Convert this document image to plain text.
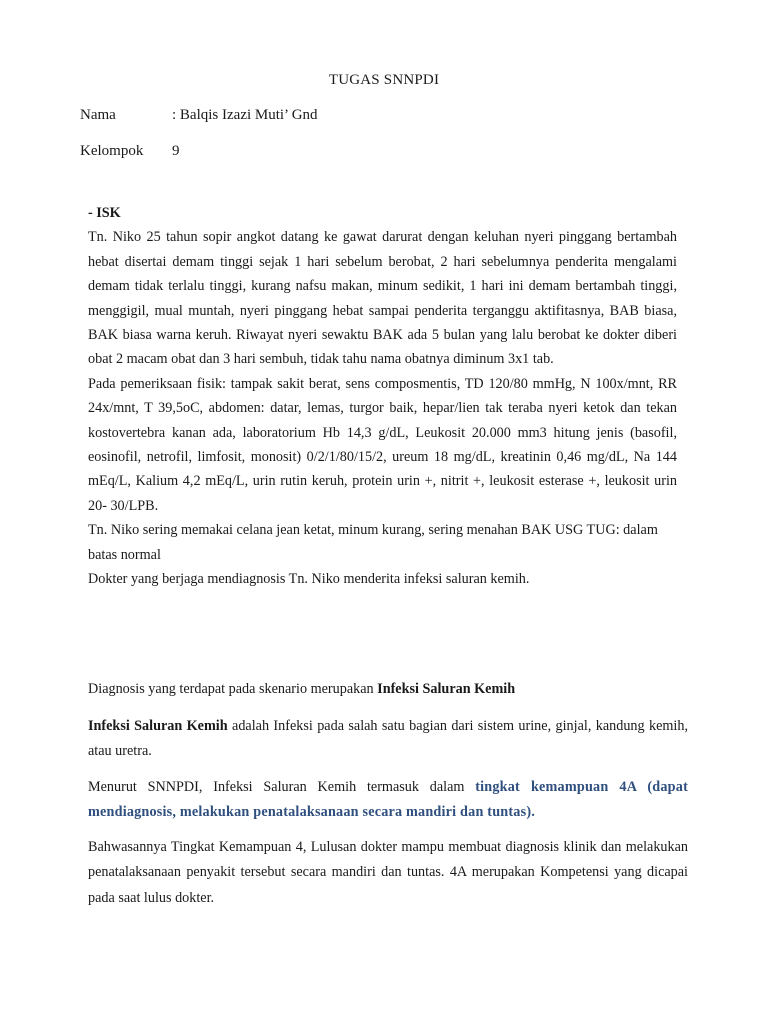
TUGAS SNNPDI
Nama	: Balqis Izazi Muti’ Gnd
Kelompok	9
- ISK

Tn. Niko 25 tahun sopir angkot datang ke gawat darurat dengan keluhan nyeri pinggang bertambah hebat disertai demam tinggi sejak 1 hari sebelum berobat, 2 hari sebelumnya penderita mengalami demam tidak terlalu tinggi, kurang nafsu makan, minum sedikit, 1 hari ini demam bertambah tinggi, menggigil, mual muntah, nyeri pinggang hebat sampai penderita terganggu aktifitasnya, BAB biasa, BAK biasa warna keruh. Riwayat nyeri sewaktu BAK ada 5 bulan yang lalu berobat ke dokter diberi obat 2 macam obat dan 3 hari sembuh, tidak tahu nama obatnya diminum 3x1 tab.

Pada pemeriksaan fisik: tampak sakit berat, sens composmentis, TD 120/80 mmHg, N 100x/mnt, RR 24x/mnt, T 39,5oC, abdomen: datar, lemas, turgor baik, hepar/lien tak teraba nyeri ketok dan tekan kostovertebra kanan ada, laboratorium Hb 14,3 g/dL, Leukosit 20.000 mm3 hitung jenis (basofil, eosinofil, netrofil, limfosit, monosit) 0/2/1/80/15/2, ureum 18 mg/dL, kreatinin 0,46 mg/dL, Na 144 mEq/L, Kalium 4,2 mEq/L, urin rutin keruh, protein urin +, nitrit +, leukosit esterase +, leukosit urin 20- 30/LPB.

Tn. Niko sering memakai celana jean ketat, minum kurang, sering menahan BAK USG TUG: dalam batas normal

Dokter yang berjaga mendiagnosis Tn. Niko menderita infeksi saluran kemih.

Diagnosis yang terdapat pada skenario merupakan Infeksi Saluran Kemih

Infeksi Saluran Kemih adalah Infeksi pada salah satu bagian dari sistem urine, ginjal, kandung kemih, atau uretra.

Menurut SNNPDI, Infeksi Saluran Kemih termasuk dalam tingkat kemampuan 4A (dapat mendiagnosis, melakukan penatalaksanaan secara mandiri dan tuntas).

Bahwasannya Tingkat Kemampuan 4, Lulusan dokter mampu membuat diagnosis klinik dan melakukan penatalaksanaan penyakit tersebut secara mandiri dan tuntas. 4A merupakan Kompetensi yang dicapai pada saat lulus dokter.
